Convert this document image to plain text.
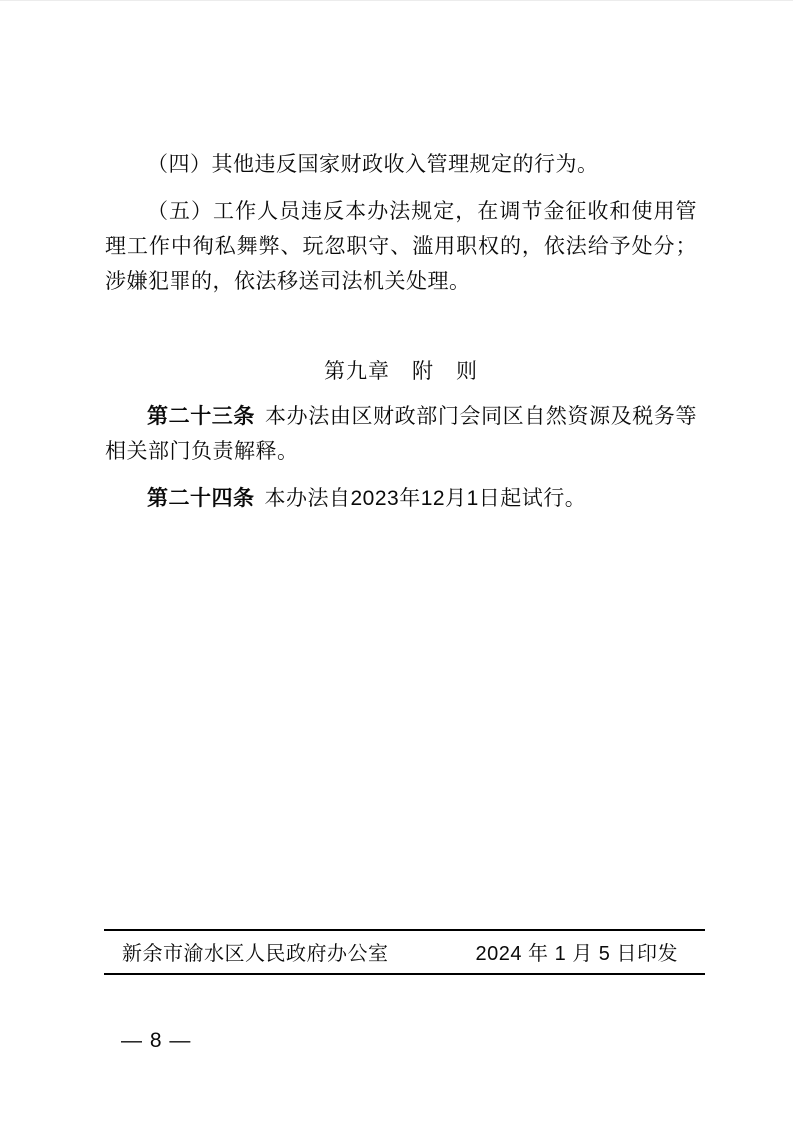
（四）其他违反国家财政收入管理规定的行为。

（五）工作人员违反本办法规定，在调节金征收和使用管理工作中徇私舞弊、玩忽职守、滥用职权的，依法给予处分；涉嫌犯罪的，依法移送司法机关处理。

第九章　附　则

第二十三条 本办法由区财政部门会同区自然资源及税务等相关部门负责解释。

第二十四条 本办法自2023年12月1日起试行。

新余市渝水区人民政府办公室	2024 年 1 月 5 日印发
— 8 —
